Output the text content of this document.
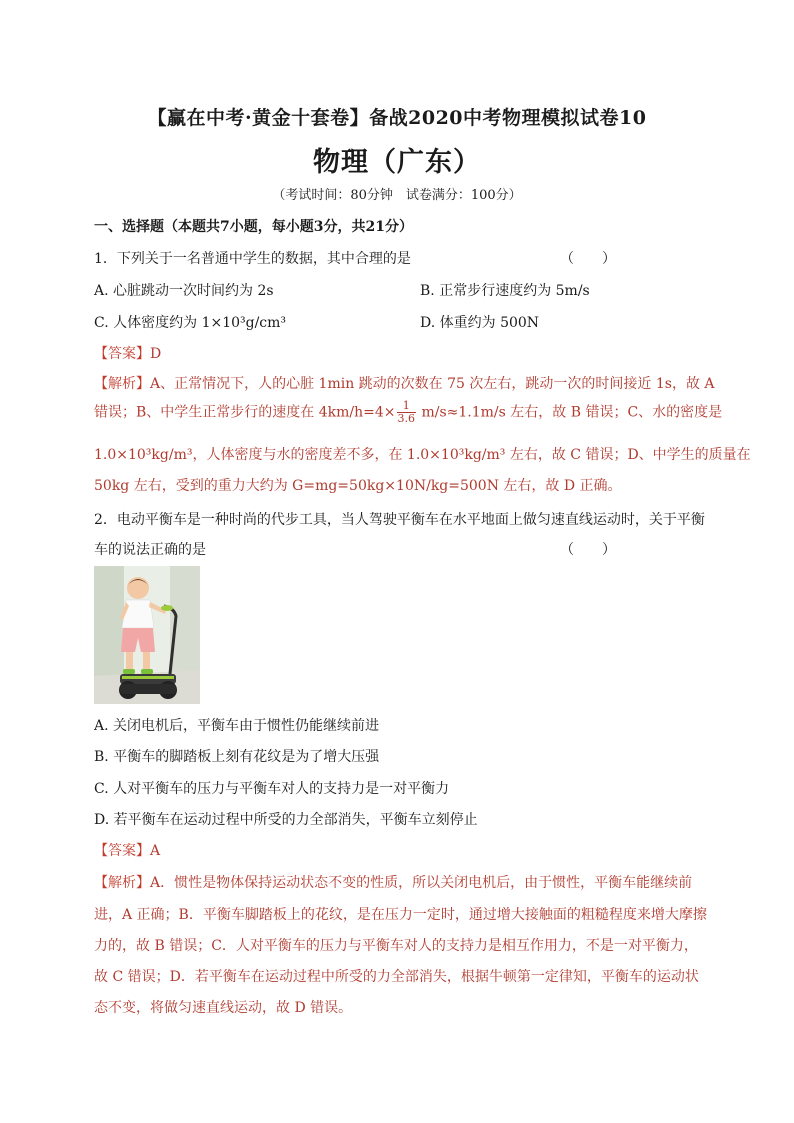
【赢在中考·黄金十套卷】备战2020中考物理模拟试卷10
物理（广东）
（考试时间：80分钟　试卷满分：100分）
一、选择题（本题共7小题，每小题3分，共21分）
1．下列关于一名普通中学生的数据，其中合理的是	（　　）
A. 心脏跳动一次时间约为 2s	B. 正常步行速度约为 5m/s
C. 人体密度约为 1×10³g/cm³	D. 体重约为 500N
【答案】D
【解析】A、正常情况下，人的心脏 1min 跳动的次数在 75 次左右，跳动一次的时间接近 1s，故 A
错误；B、中学生正常步行的速度在 $4km/h=4\times \frac{1}{3.6} m/s\approx 1.1m/s$ 左右，故 B 错误；C、水的密度是
1.0×10³kg/m³，人体密度与水的密度差不多，在 1.0×10³kg/m³ 左右，故 C 错误；D、中学生的质量在
50kg 左右，受到的重力大约为 G=mg=50kg×10N/kg=500N 左右，故 D 正确。
2．电动平衡车是一种时尚的代步工具，当人驾驶平衡车在水平地面上做匀速直线运动时，关于平衡
车的说法正确的是	（　　）
A. 关闭电机后，平衡车由于惯性仍能继续前进
B. 平衡车的脚踏板上刻有花纹是为了增大压强
C. 人对平衡车的压力与平衡车对人的支持力是一对平衡力
D. 若平衡车在运动过程中所受的力全部消失，平衡车立刻停止
【答案】A
【解析】A．惯性是物体保持运动状态不变的性质，所以关闭电机后，由于惯性，平衡车能继续前
进，A 正确；B．平衡车脚踏板上的花纹，是在压力一定时，通过增大接触面的粗糙程度来增大摩擦
力的，故 B 错误；C．人对平衡车的压力与平衡车对人的支持力是相互作用力，不是一对平衡力，
故 C 错误；D．若平衡车在运动过程中所受的力全部消失，根据牛顿第一定律知，平衡车的运动状
态不变，将做匀速直线运动，故 D 错误。
